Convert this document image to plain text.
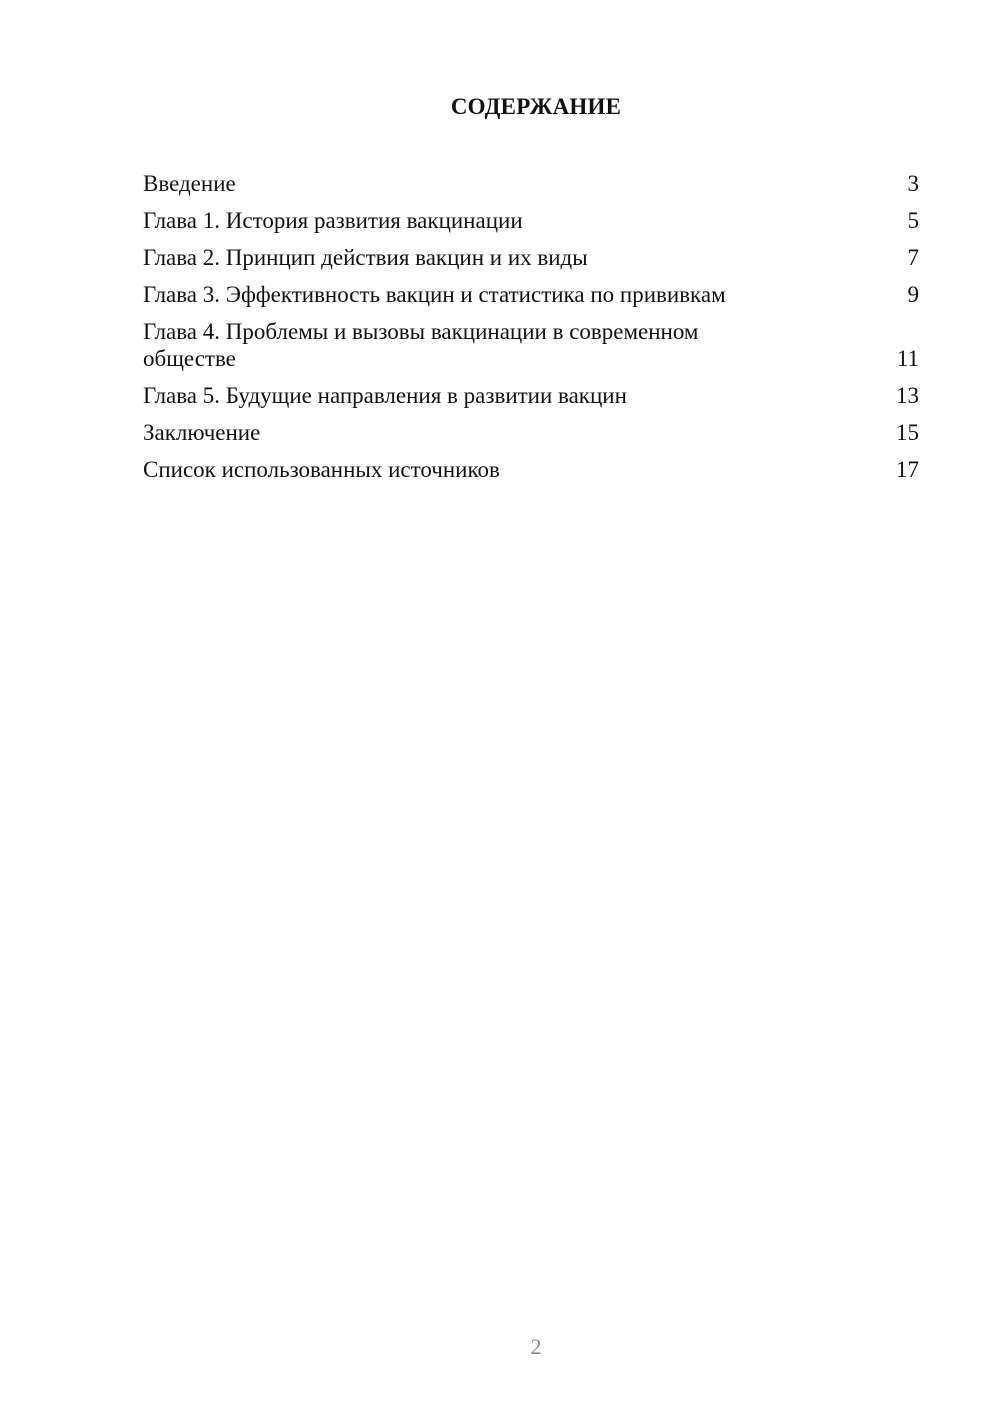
СОДЕРЖАНИЕ
Введение	3
Глава 1. История развития вакцинации	5
Глава 2. Принцип действия вакцин и их виды	7
Глава 3. Эффективность вакцин и статистика по прививкам	9
Глава 4. Проблемы и вызовы вакцинации в современном обществе	11
Глава 5. Будущие направления в развитии вакцин	13
Заключение	15
Список использованных источников	17
2
